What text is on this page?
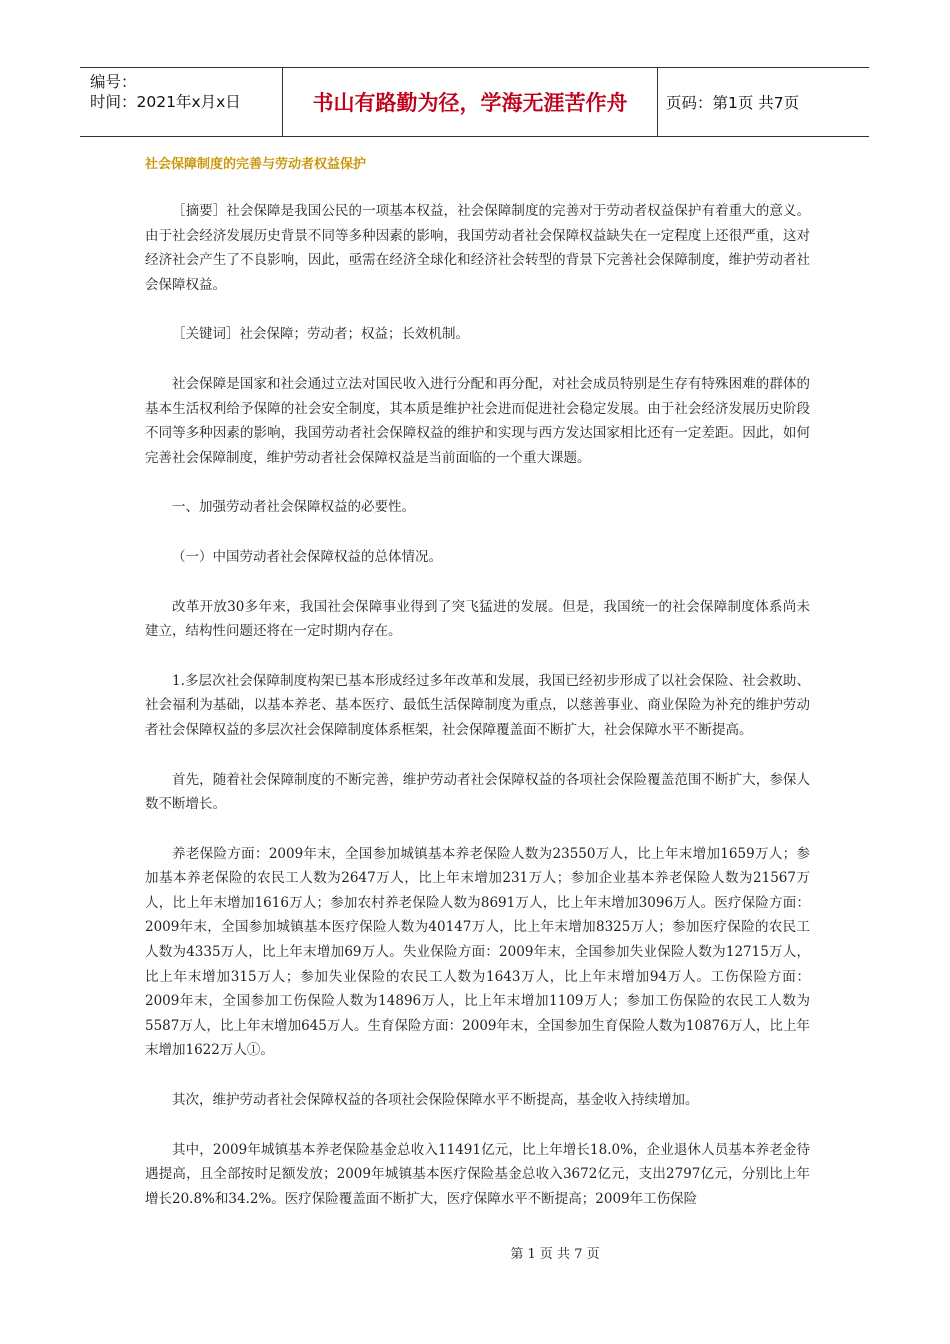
编号：
时间：2021年x月x日	书山有路勤为径，学海无涯苦作舟	页码：第1页 共7页
社会保障制度的完善与劳动者权益保护

［摘要］社会保障是我国公民的一项基本权益，社会保障制度的完善对于劳动者权益保护有着重大的意义。由于社会经济发展历史背景不同等多种因素的影响，我国劳动者社会保障权益缺失在一定程度上还很严重，这对经济社会产生了不良影响，因此，亟需在经济全球化和经济社会转型的背景下完善社会保障制度，维护劳动者社会保障权益。

［关键词］社会保障；劳动者；权益；长效机制。

社会保障是国家和社会通过立法对国民收入进行分配和再分配，对社会成员特别是生存有特殊困难的群体的基本生活权利给予保障的社会安全制度，其本质是维护社会进而促进社会稳定发展。由于社会经济发展历史阶段不同等多种因素的影响，我国劳动者社会保障权益的维护和实现与西方发达国家相比还有一定差距。因此，如何完善社会保障制度，维护劳动者社会保障权益是当前面临的一个重大课题。

一、加强劳动者社会保障权益的必要性。

（一）中国劳动者社会保障权益的总体情况。

改革开放30多年来，我国社会保障事业得到了突飞猛进的发展。但是，我国统一的社会保障制度体系尚未建立，结构性问题还将在一定时期内存在。

1.多层次社会保障制度构架已基本形成经过多年改革和发展，我国已经初步形成了以社会保险、社会救助、社会福利为基础，以基本养老、基本医疗、最低生活保障制度为重点，以慈善事业、商业保险为补充的维护劳动者社会保障权益的多层次社会保障制度体系框架，社会保障覆盖面不断扩大，社会保障水平不断提高。

首先，随着社会保障制度的不断完善，维护劳动者社会保障权益的各项社会保险覆盖范围不断扩大，参保人数不断增长。

养老保险方面：2009年末，全国参加城镇基本养老保险人数为23550万人，比上年末增加1659万人；参加基本养老保险的农民工人数为2647万人，比上年末增加231万人；参加企业基本养老保险人数为21567万人，比上年末增加1616万人；参加农村养老保险人数为8691万人，比上年末增加3096万人。医疗保险方面：2009年末，全国参加城镇基本医疗保险人数为40147万人，比上年末增加8325万人；参加医疗保险的农民工人数为4335万人，比上年末增加69万人。失业保险方面：2009年末，全国参加失业保险人数为12715万人，比上年末增加315万人；参加失业保险的农民工人数为1643万人，比上年末增加94万人。工伤保险方面：2009年末，全国参加工伤保险人数为14896万人，比上年末增加1109万人；参加工伤保险的农民工人数为5587万人，比上年末增加645万人。生育保险方面：2009年末，全国参加生育保险人数为10876万人，比上年末增加1622万人①。

其次，维护劳动者社会保障权益的各项社会保险保障水平不断提高，基金收入持续增加。

其中，2009年城镇基本养老保险基金总收入11491亿元，比上年增长18.0%，企业退休人员基本养老金待遇提高，且全部按时足额发放；2009年城镇基本医疗保险基金总收入3672亿元，支出2797亿元，分别比上年增长20.8%和34.2%。医疗保险覆盖面不断扩大，医疗保障水平不断提高；2009年工伤保险

第 1 页 共 7 页
